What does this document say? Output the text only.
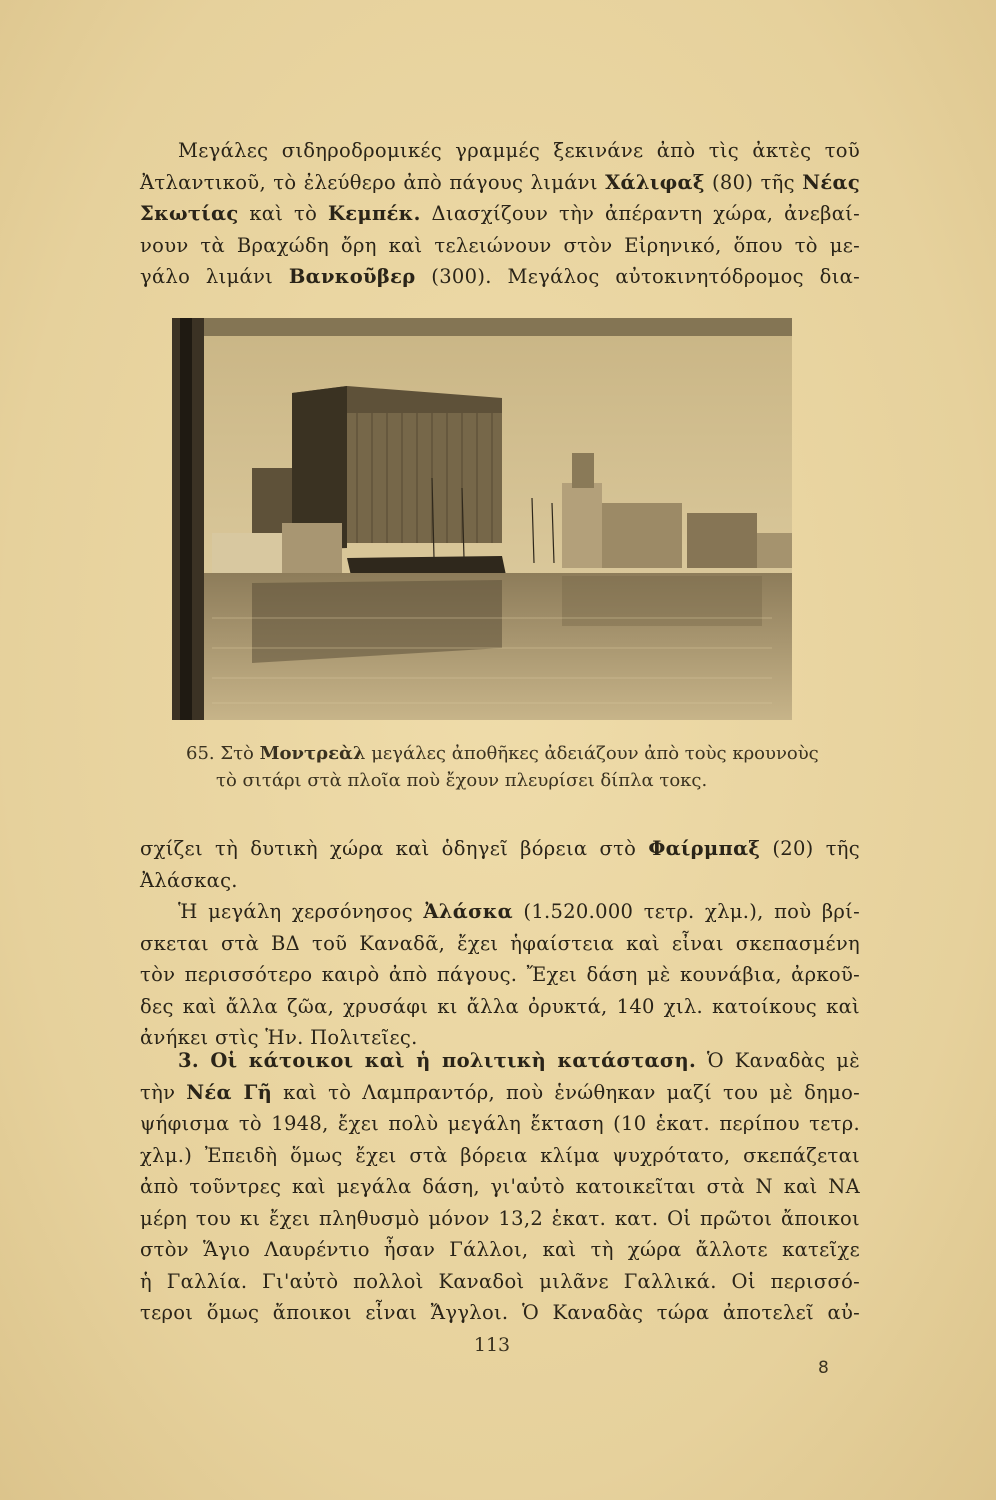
Μεγάλες σιδηροδρομικές γραμμές ξεκινάνε ἀπὸ τὶς ἀκτὲς τοῦ
Ἀτλαντικοῦ, τὸ ἐλεύθερο ἀπὸ πάγους λιμάνι Χάλιφαξ (80) τῆς Νέας
Σκωτίας καὶ τὸ Κεμπέκ. Διασχίζουν τὴν ἀπέραντη χώρα, ἀνεβαί-
νουν τὰ Βραχώδη ὄρη καὶ τελειώνουν στὸν Εἰρηνικό, ὅπου τὸ με-
γάλο λιμάνι Βανκοῦβερ (300). Μεγάλος αὐτοκινητόδρομος δια-
65. Στὸ Μοντρεὰλ μεγάλες ἀποθῆκες ἀδειάζουν ἀπὸ τοὺς κρουνοὺς
τὸ σιτάρι στὰ πλοῖα ποὺ ἔχουν πλευρίσει δίπλα τοκς.
σχίζει τὴ δυτικὴ χώρα καὶ ὁδηγεῖ βόρεια στὸ Φαίρμπαξ (20) τῆς
Ἀλάσκας.
Ἡ μεγάλη χερσόνησος Ἀλάσκα (1.520.000 τετρ. χλμ.), ποὺ βρί-
σκεται στὰ ΒΔ τοῦ Καναδᾶ, ἔχει ἡφαίστεια καὶ εἶναι σκεπασμένη
τὸν περισσότερο καιρὸ ἀπὸ πάγους. Ἔχει δάση μὲ κουνάβια, ἀρκοῦ-
δες καὶ ἄλλα ζῶα, χρυσάφι κι ἄλλα ὀρυκτά, 140 χιλ. κατοίκους καὶ
ἀνήκει στὶς Ἡν. Πολιτεῖες.
3. Οἱ κάτοικοι καὶ ἡ πολιτικὴ κατάσταση. Ὁ Καναδὰς μὲ
τὴν Νέα Γῆ καὶ τὸ Λαμπραντόρ, ποὺ ἑνώθηκαν μαζί του μὲ δημο-
ψήφισμα τὸ 1948, ἔχει πολὺ μεγάλη ἔκταση (10 ἑκατ. περίπου τετρ.
χλμ.) Ἐπειδὴ ὅμως ἔχει στὰ βόρεια κλίμα ψυχρότατο, σκεπάζεται
ἀπὸ τοῦντρες καὶ μεγάλα δάση, γι'αὐτὸ κατοικεῖται στὰ Ν καὶ ΝΑ
μέρη του κι ἔχει πληθυσμὸ μόνον 13,2 ἑκατ. κατ. Οἱ πρῶτοι ἄποικοι
στὸν Ἅγιο Λαυρέντιο ἦσαν Γάλλοι, καὶ τὴ χώρα ἄλλοτε κατεῖχε
ἡ Γαλλία. Γι'αὐτὸ πολλοὶ Καναδοὶ μιλᾶνε Γαλλικά. Οἱ περισσό-
τεροι ὅμως ἄποικοι εἶναι Ἄγγλοι. Ὁ Καναδὰς τώρα ἀποτελεῖ αὐ-
113
8
